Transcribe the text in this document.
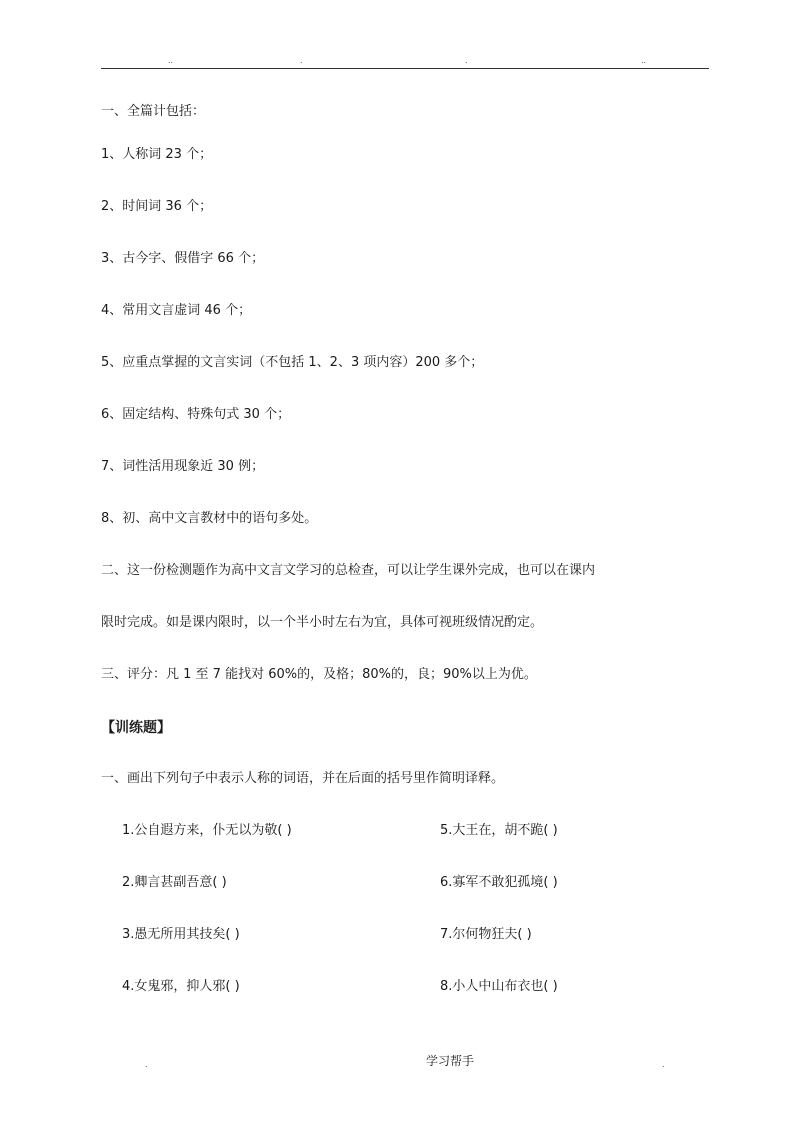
..	.	.	..
一、全篇计包括：
1、人称词 23 个；
2、时间词 36 个；
3、古今字、假借字 66 个；
4、常用文言虚词 46 个；
5、应重点掌握的文言实词（不包括 1、2、3 项内容）200 多个；
6、固定结构、特殊句式 30 个；
7、词性活用现象近 30 例；
8、初、高中文言教材中的语句多处。
二、这一份检测题作为高中文言文学习的总检查，可以让学生课外完成，也可以在课内
限时完成。如是课内限时，以一个半小时左右为宜，具体可视班级情况酌定。
三、评分：凡 1 至 7 能找对 60%的，及格；80%的，良；90%以上为优。
【训练题】
一、画出下列句子中表示人称的词语，并在后面的括号里作简明译释。
1.公自遐方来，仆无以为敬( )
2.卿言甚副吾意( )
3.愚无所用其技矣( )
4.女鬼邪，抑人邪( )
5.大王在，胡不跪( )
6.寡军不敢犯孤境( )
7.尔何物狂夫( )
8.小人中山布衣也( )
.	学习帮手	.
